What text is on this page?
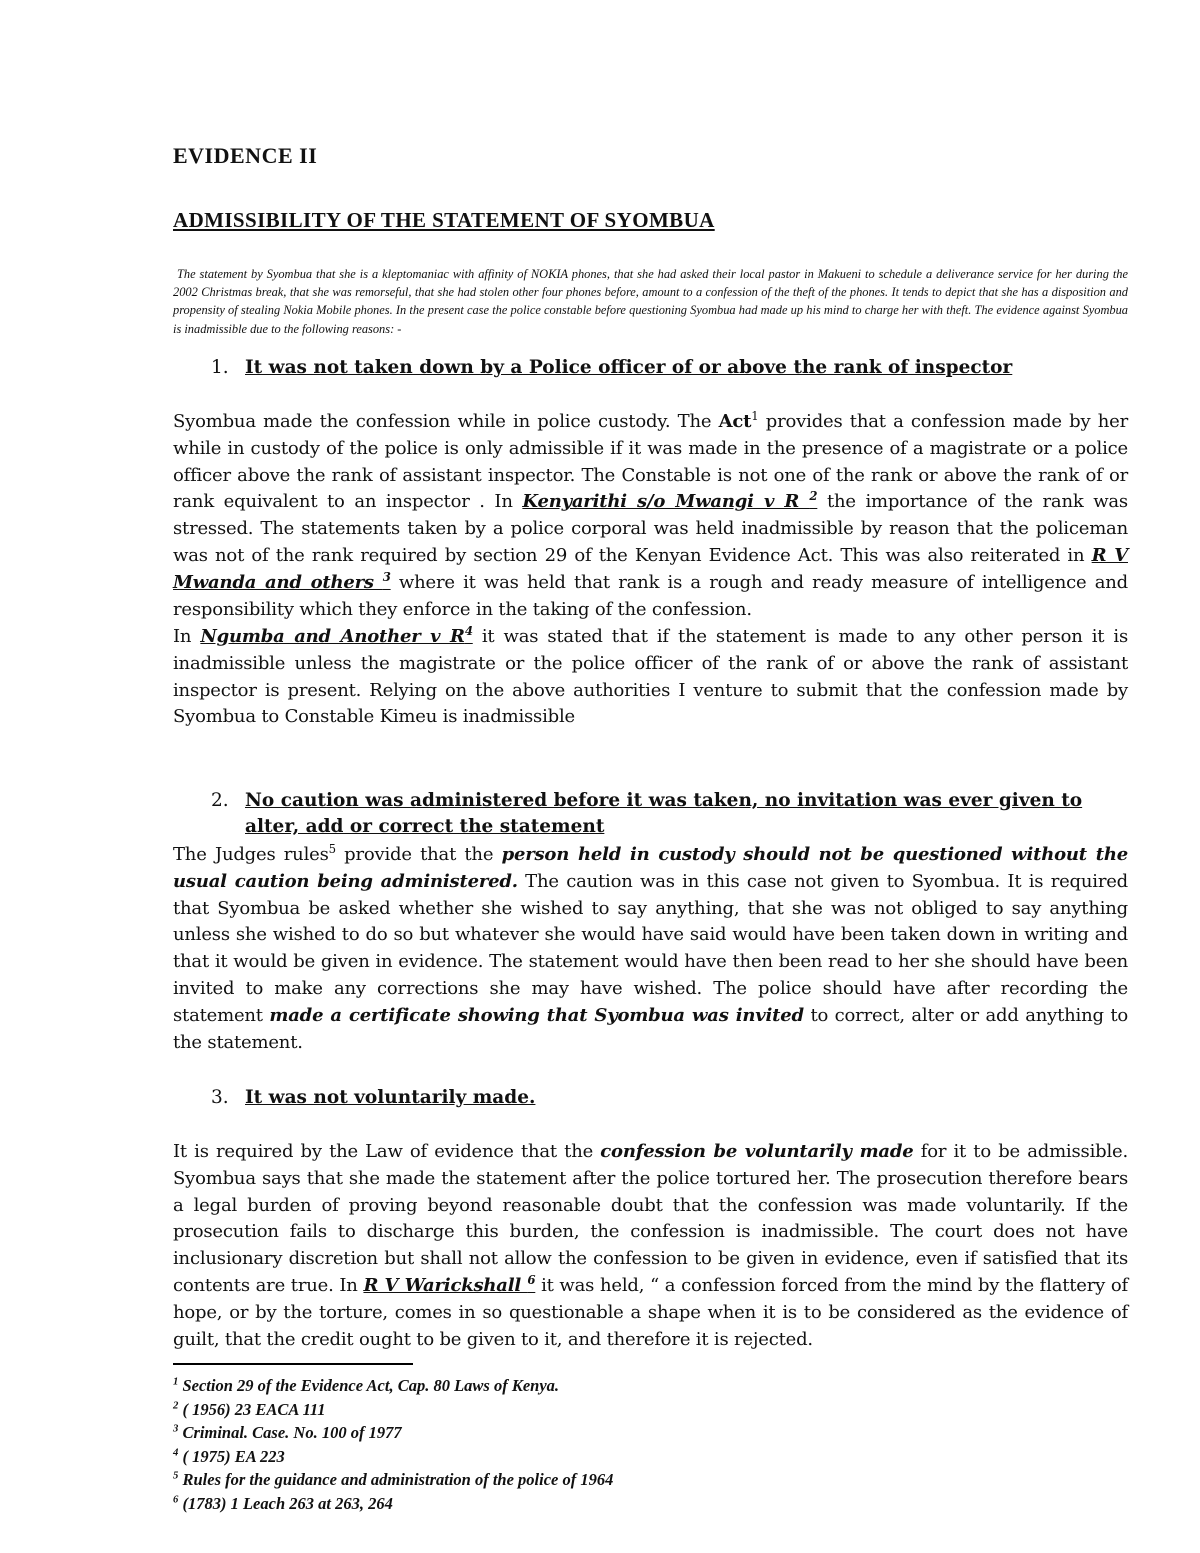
EVIDENCE II
ADMISSIBILITY OF THE STATEMENT OF SYOMBUA

The statement by Syombua that she is a kleptomaniac with affinity of NOKIA phones, that she had asked their local pastor in Makueni to schedule a deliverance service for her during the 2002 Christmas break, that she was remorseful, that she had stolen other four phones before, amount to a confession of the theft of the phones. It tends to depict that she has a disposition and propensity of stealing Nokia Mobile phones. In the present case the police constable before questioning Syombua had made up his mind to charge her with theft. The evidence against Syombua is inadmissible due to the following reasons: -

1. It was not taken down by a Police officer of or above the rank of inspector

Syombua made the confession while in police custody. The Act$^1$ provides that a confession made by her while in custody of the police is only admissible if it was made in the presence of a magistrate or a police officer above the rank of assistant inspector. The Constable is not one of the rank or above the rank of or rank equivalent to an inspector . In Kenyarithi s/o Mwangi v R $^2$ the importance of the rank was stressed. The statements taken by a police corporal was held inadmissible by reason that the policeman was not of the rank required by section 29 of the Kenyan Evidence Act. This was also reiterated in R V Mwanda and others $^3$ where it was held that rank is a rough and ready measure of intelligence and responsibility which they enforce in the taking of the confession.

In Ngumba and Another v $R^4$ it was stated that if the statement is made to any other person it is inadmissible unless the magistrate or the police officer of the rank of or above the rank of assistant inspector is present. Relying on the above authorities I venture to submit that the confession made by Syombua to Constable Kimeu is inadmissible

2. No caution was administered before it was taken, no invitation was ever given to alter, add or correct the statement

The Judges rules$^5$ provide that the person held in custody should not be questioned without the usual caution being administered. The caution was in this case not given to Syombua. It is required that Syombua be asked whether she wished to say anything, that she was not obliged to say anything unless she wished to do so but whatever she would have said would have been taken down in writing and that it would be given in evidence. The statement would have then been read to her she should have been invited to make any corrections she may have wished. The police should have after recording the statement made a certificate showing that Syombua was invited to correct, alter or add anything to the statement.

3. It was not voluntarily made.

It is required by the Law of evidence that the confession be voluntarily made for it to be admissible. Syombua says that she made the statement after the police tortured her. The prosecution therefore bears a legal burden of proving beyond reasonable doubt that the confession was made voluntarily. If the prosecution fails to discharge this burden, the confession is inadmissible. The court does not have inclusionary discretion but shall not allow the confession to be given in evidence, even if satisfied that its contents are true. In R V Warickshall $^6$ it was held, “ a confession forced from the mind by the flattery of hope, or by the torture, comes in so questionable a shape when it is to be considered as the evidence of guilt, that the credit ought to be given to it, and therefore it is rejected.

$^1$ Section 29 of the Evidence Act, Cap. 80 Laws of Kenya.
$^2$ ( 1956) 23 EACA 111
$^3$ Criminal. Case. No. 100 of 1977
$^4$ ( 1975) EA 223
$^5$ Rules for the guidance and administration of the police of 1964
$^6$ (1783) 1 Leach 263 at 263, 264
